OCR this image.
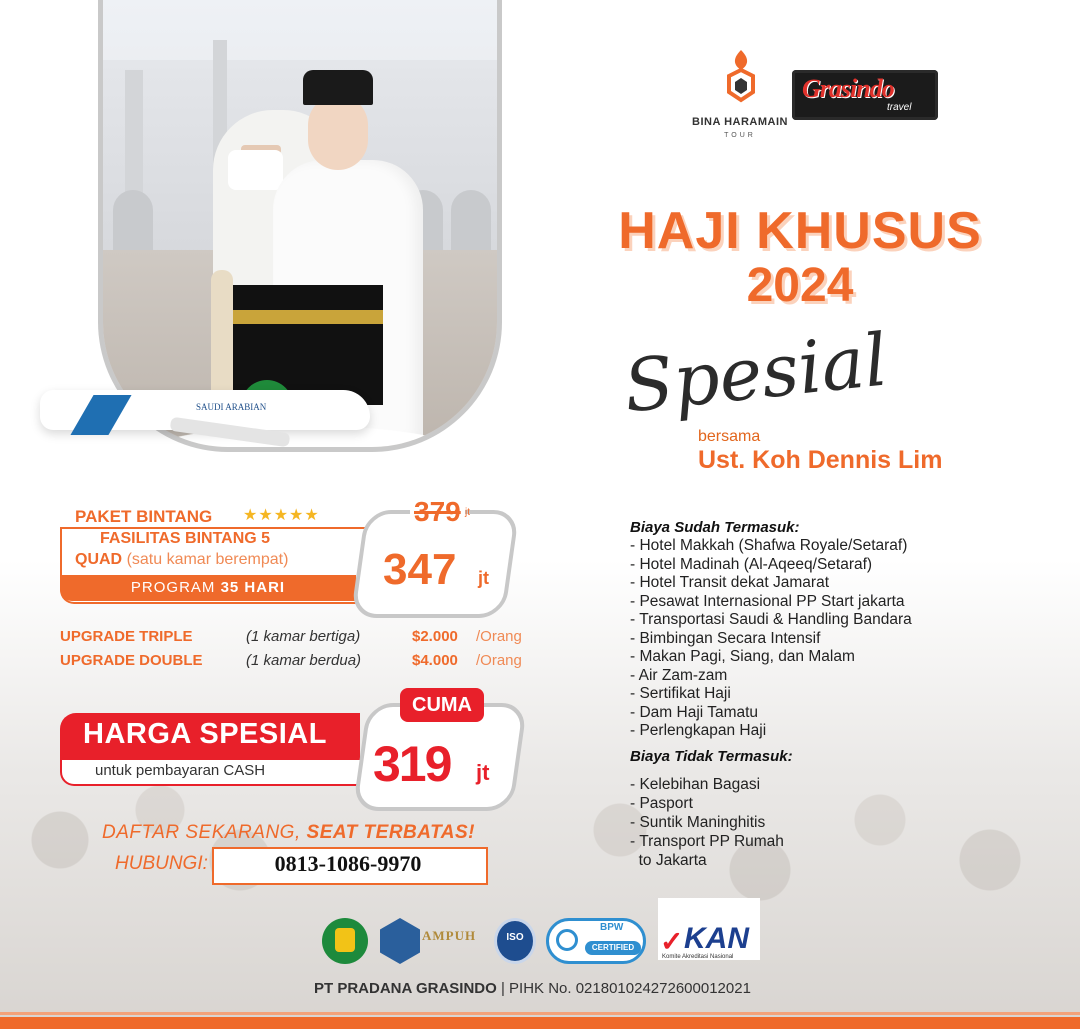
SAUDI ARABIAN
BINA HARAMAIN
TOUR
Grasindo
travel
HAJI KHUSUS
2024
Spesial
bersama
Ust. Koh Dennis Lim
PAKET BINTANG ★★★★★
FASILITAS BINTANG 5
QUAD (satu kamar berempat)
PROGRAM 35 HARI
379 jt
347 jt
UPGRADE TRIPLE	(1 kamar bertiga)	$2.000 /Orang
UPGRADE DOUBLE	(1 kamar berdua)	$4.000 /Orang
HARGA SPESIAL
untuk pembayaran CASH
CUMA
319 jt
DAFTAR SEKARANG, SEAT TERBATAS!
HUBUNGI:	0813-1086-9970
Biaya Sudah Termasuk:
- Hotel Makkah (Shafwa Royale/Setaraf)
- Hotel Madinah (Al-Aqeeq/Setaraf)
- Hotel Transit dekat Jamarat
- Pesawat Internasional PP Start jakarta
- Transportasi Saudi & Handling Bandara
- Bimbingan Secara Intensif
- Makan Pagi, Siang, dan Malam
- Air Zam-zam
- Sertifikat Haji
- Dam Haji Tamatu
- Perlengkapan Haji
Biaya Tidak Termasuk:
- Kelebihan Bagasi
- Pasport
- Suntik Maninghitis
- Transport PP Rumah
to Jakarta
AMPUH	ISO
BPW
CERTIFIED ✓ KAN
Komite Akreditasi Nasional
PT PRADANA GRASINDO | PIHK No. 021801024272600012021
